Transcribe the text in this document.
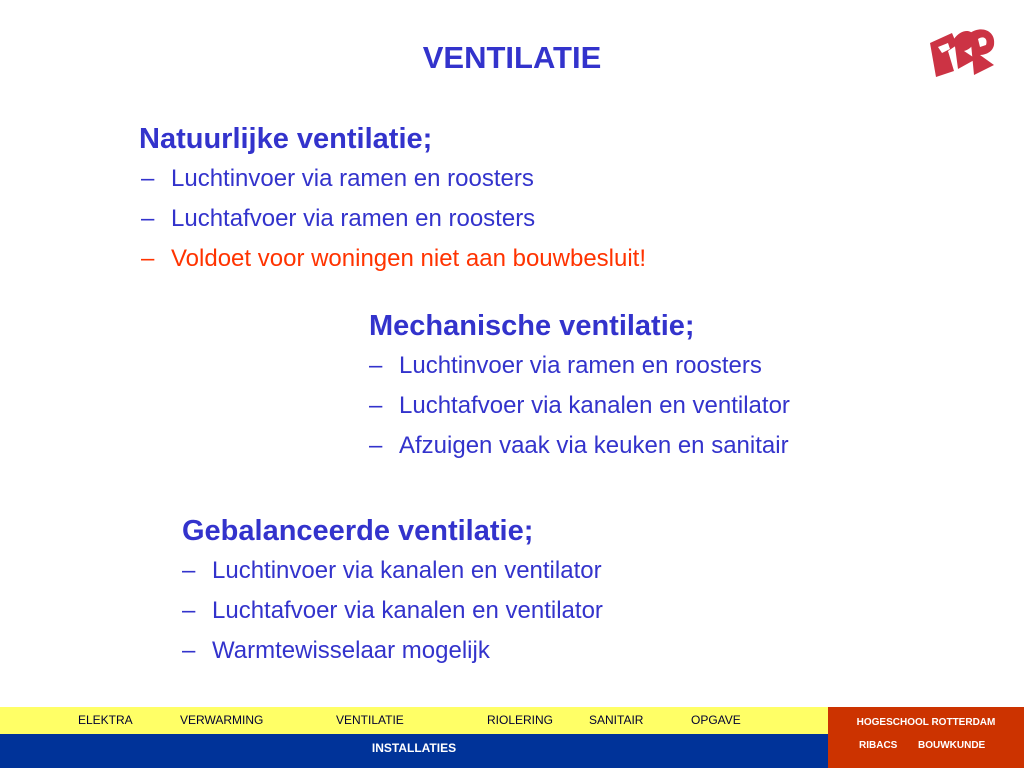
VENTILATIE
Natuurlijke ventilatie;
– Luchtinvoer via ramen en roosters
– Luchtafvoer via ramen en roosters
– Voldoet voor woningen niet aan bouwbesluit!
Mechanische ventilatie;
– Luchtinvoer via ramen en roosters
– Luchtafvoer via kanalen en ventilator
– Afzuigen vaak via keuken en sanitair
Gebalanceerde ventilatie;
– Luchtinvoer via kanalen en ventilator
– Luchtafvoer via kanalen en ventilator
– Warmtewisselaar mogelijk
ELEKTRA	VERWARMING	VENTILATIE	RIOLERING	SANITAIR	OPGAVE
INSTALLATIES
HOGESCHOOL ROTTERDAM
RIBACS BOUWKUNDE
